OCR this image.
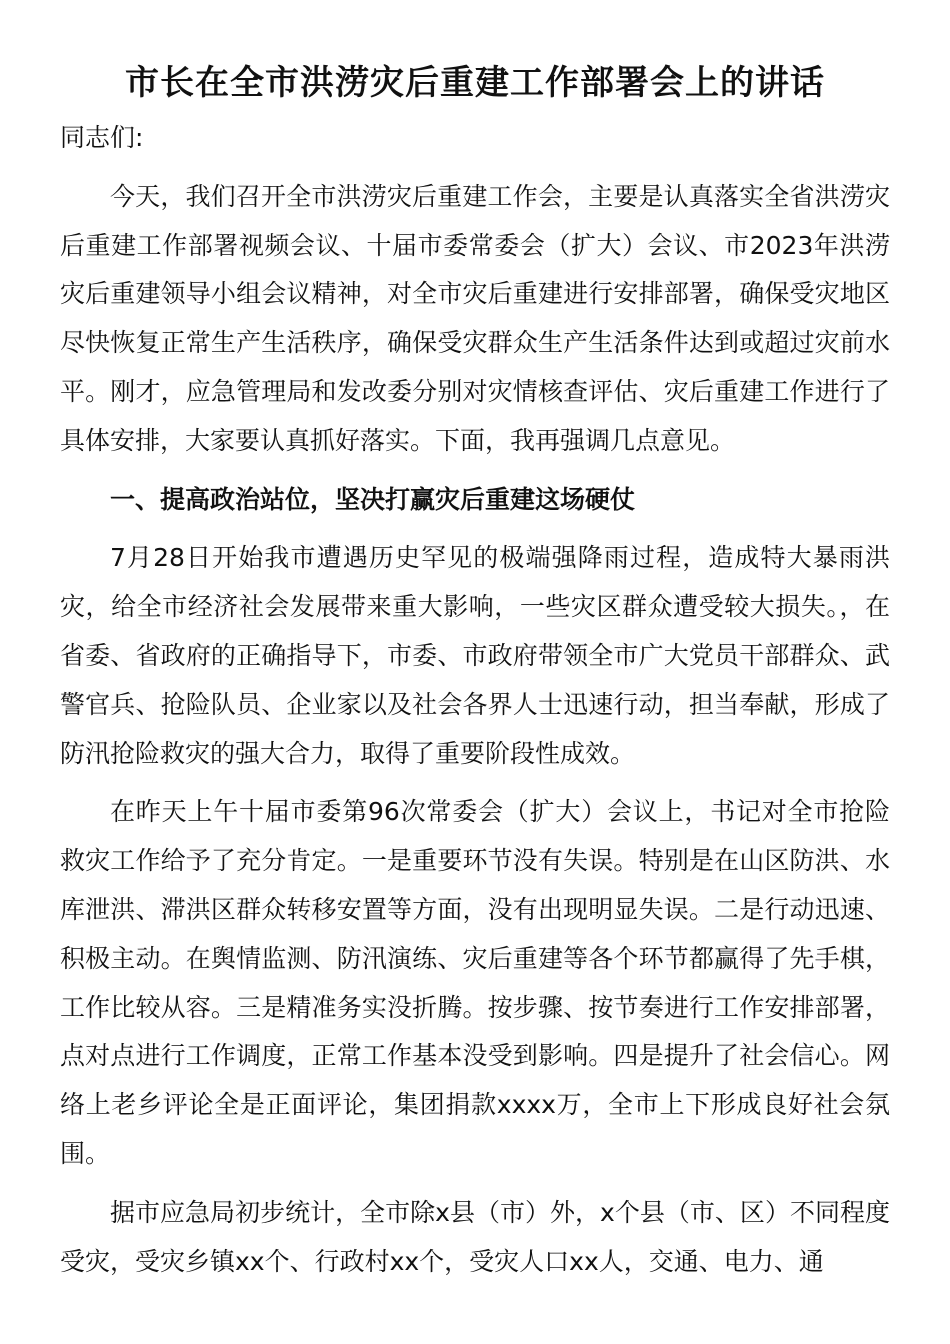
市长在全市洪涝灾后重建工作部署会上的讲话

同志们:

今天，我们召开全市洪涝灾后重建工作会，主要是认真落实全省洪涝灾后重建工作部署视频会议、十届市委常委会（扩大）会议、市2023年洪涝灾后重建领导小组会议精神，对全市灾后重建进行安排部署，确保受灾地区尽快恢复正常生产生活秩序，确保受灾群众生产生活条件达到或超过灾前水平。刚才，应急管理局和发改委分别对灾情核查评估、灾后重建工作进行了具体安排，大家要认真抓好落实。下面，我再强调几点意见。

一、提高政治站位，坚决打赢灾后重建这场硬仗

7月28日开始我市遭遇历史罕见的极端强降雨过程，造成特大暴雨洪灾，给全市经济社会发展带来重大影响，一些灾区群众遭受较大损失。，在省委、省政府的正确指导下，市委、市政府带领全市广大党员干部群众、武警官兵、抢险队员、企业家以及社会各界人士迅速行动，担当奉献，形成了防汛抢险救灾的强大合力，取得了重要阶段性成效。

在昨天上午十届市委第96次常委会（扩大）会议上，书记对全市抢险救灾工作给予了充分肯定。一是重要环节没有失误。特别是在山区防洪、水库泄洪、滞洪区群众转移安置等方面，没有出现明显失误。二是行动迅速、积极主动。在舆情监测、防汛演练、灾后重建等各个环节都赢得了先手棋，工作比较从容。三是精准务实没折腾。按步骤、按节奏进行工作安排部署，点对点进行工作调度，正常工作基本没受到影响。四是提升了社会信心。网络上老乡评论全是正面评论，集团捐款xxxx万，全市上下形成良好社会氛围。

据市应急局初步统计，全市除x县（市）外，x个县（市、区）不同程度受灾，受灾乡镇xx个、行政村xx个，受灾人口xx人，交通、电力、通
